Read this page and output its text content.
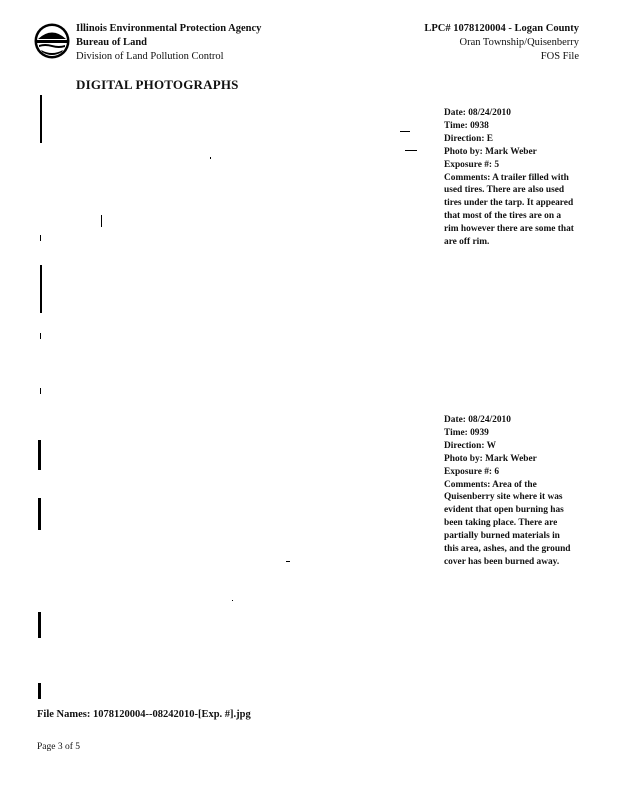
Illinois Environmental Protection Agency
Bureau of Land
Division of Land Pollution Control
LPC# 1078120004 - Logan County
Oran Township/Quisenberry
FOS File
DIGITAL PHOTOGRAPHS
Date: 08/24/2010
Time: 0938
Direction: E
Photo by: Mark Weber
Exposure #: 5
Comments: A trailer filled with used tires. There are also used tires under the tarp. It appeared that most of the tires are on a rim however there are some that are off rim.
Date: 08/24/2010
Time: 0939
Direction: W
Photo by: Mark Weber
Exposure #: 6
Comments: Area of the Quisenberry site where it was evident that open burning has been taking place. There are partially burned materials in this area, ashes, and the ground cover has been burned away.
File Names: 1078120004--08242010-[Exp. #].jpg
Page 3 of 5
